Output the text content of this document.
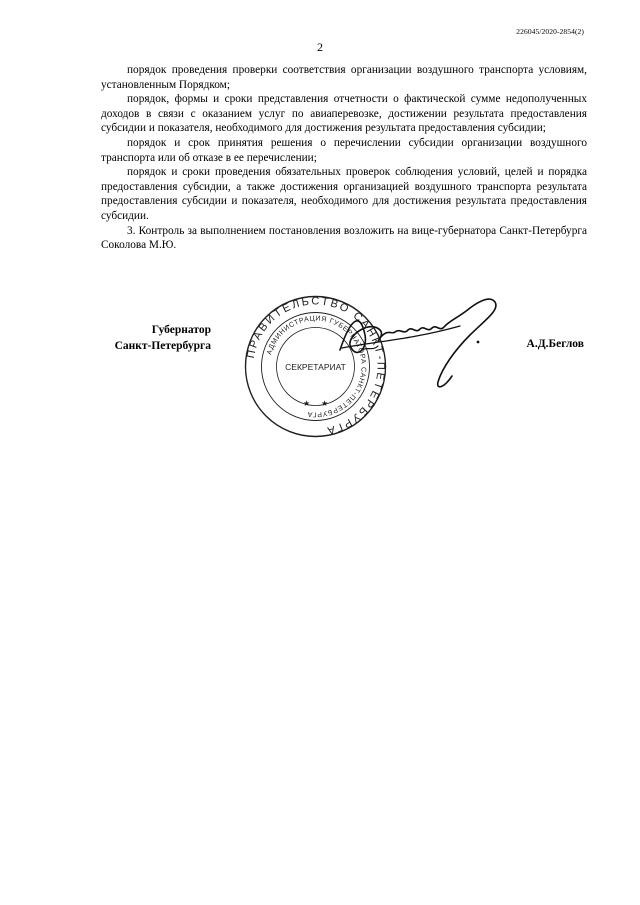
226045/2020-2854(2)
2

порядок проведения проверки соответствия организации воздушного транспорта условиям, установленным Порядком;

порядок, формы и сроки представления отчетности о фактической сумме недополученных доходов в связи с оказанием услуг по авиаперевозке, достижении результата предоставления субсидии и показателя, необходимого для достижения результата предоставления субсидии;

порядок и срок принятия решения о перечислении субсидии организации воздушного транспорта или об отказе в ее перечислении;

порядок и сроки проведения обязательных проверок соблюдения условий, целей и порядка предоставления субсидии, а также достижения организацией воздушного транспорта результата предоставления субсидии и показателя, необходимого для достижения результата предоставления субсидии.

3. Контроль за выполнением постановления возложить на вице-губернатора Санкт-Петербурга Соколова М.Ю.

Губернатор
Санкт-Петербурга
ПРАВИТЕЛЬСТВО САНКТ-ПЕТЕРБУРГА
АДМИНИСТРАЦИЯ ГУБЕРНАТОРА САНКТ-ПЕТЕРБУРГА
СЕКРЕТАРИАТ
★ ★
А.Д.Беглов
